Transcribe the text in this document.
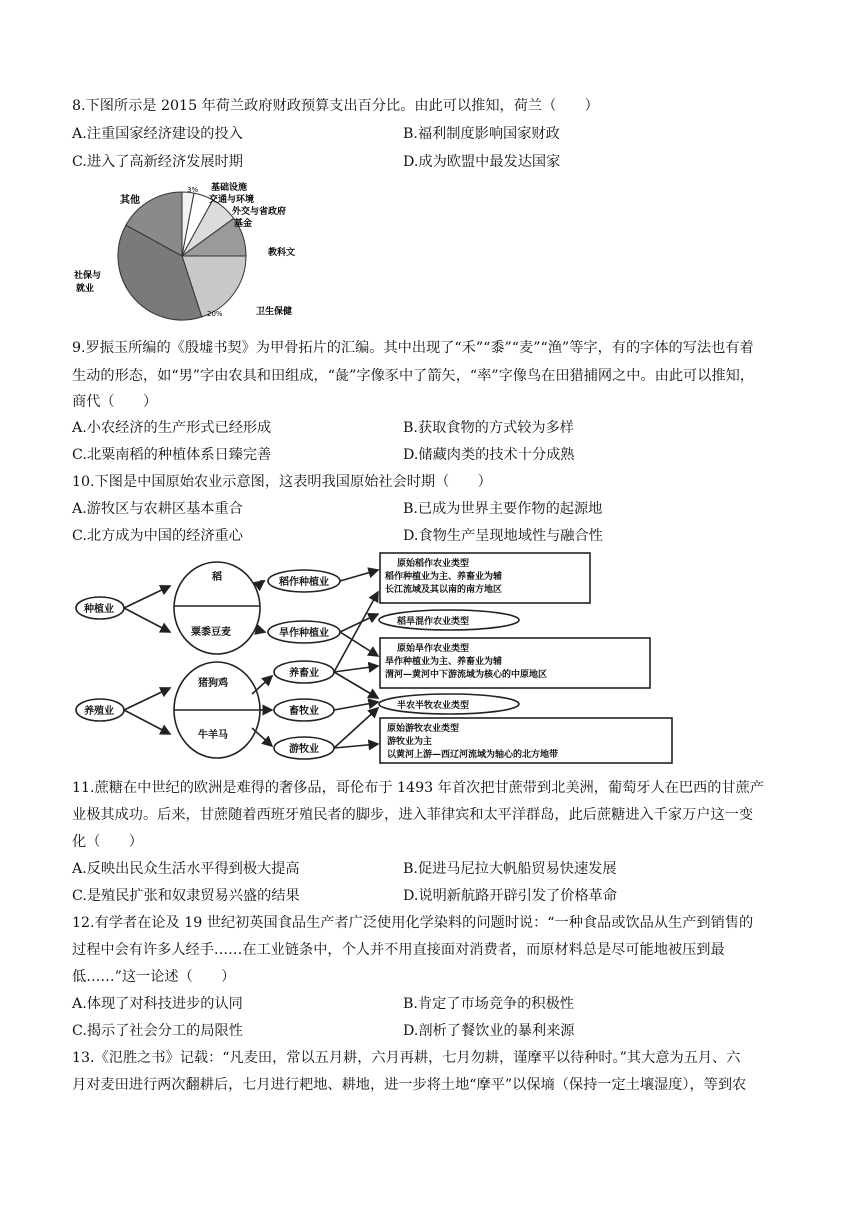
8.下图所示是 2015 年荷兰政府财政预算支出百分比。由此可以推知，荷兰（　　）
A.注重国家经济建设的投入	B.福利制度影响国家财政
C.进入了高新经济发展时期	D.成为欧盟中最发达国家
其他
3% 基础设施
交通与环境
外交与省政府
基金
教科文
卫生保健
20%
社保与
就业
9.罗振玉所编的《殷墟书契》为甲骨拓片的汇编。其中出现了“禾”“黍”“麦”“渔”等字，有的字体的写法也有着
生动的形态，如“男”字由农具和田组成，“彘”字像豕中了箭矢，“率”字像鸟在田猎捕网之中。由此可以推知，
商代（　　）
A.小农经济的生产形式已经形成	B.获取食物的方式较为多样
C.北粟南稻的种植体系日臻完善	D.储藏肉类的技术十分成熟
10.下图是中国原始农业示意图，这表明我国原始社会时期（　　）
A.游牧区与农耕区基本重合	B.已成为世界主要作物的起源地
C.北方成为中国的经济重心	D.食物生产呈现地域性与融合性
种植业
养殖业
稻
粟黍豆麦
猪狗鸡
牛羊马
稻作种植业
旱作种植业
养畜业
畜牧业
游牧业
原始稻作农业类型
稻作种植业为主、养畜业为辅
长江流域及其以南的南方地区
稻旱混作农业类型
原始旱作农业类型
旱作种植业为主、养畜业为辅
渭河—黄河中下游流域为核心的中原地区
半农半牧农业类型
原始游牧农业类型
游牧业为主
以黄河上游—西辽河流域为轴心的北方地带
11.蔗糖在中世纪的欧洲是难得的奢侈品，哥伦布于 1493 年首次把甘蔗带到北美洲，葡萄牙人在巴西的甘蔗产
业极其成功。后来，甘蔗随着西班牙殖民者的脚步，进入菲律宾和太平洋群岛，此后蔗糖进入千家万户这一变
化（　　）
A.反映出民众生活水平得到极大提高	B.促进马尼拉大帆船贸易快速发展
C.是殖民扩张和奴隶贸易兴盛的结果	D.说明新航路开辟引发了价格革命
12.有学者在论及 19 世纪初英国食品生产者广泛使用化学染料的问题时说：“一种食品或饮品从生产到销售的
过程中会有许多人经手……在工业链条中，个人并不用直接面对消费者，而原材料总是尽可能地被压到最
低……”这一论述（　　）
A.体现了对科技进步的认同	B.肯定了市场竞争的积极性
C.揭示了社会分工的局限性	D.剖析了餐饮业的暴利来源
13.《氾胜之书》记载：“凡麦田，常以五月耕，六月再耕，七月勿耕，谨摩平以待种时。”其大意为五月、六
月对麦田进行两次翻耕后，七月进行耙地、耕地，进一步将土地“摩平”以保墒（保持一定土壤湿度），等到农
